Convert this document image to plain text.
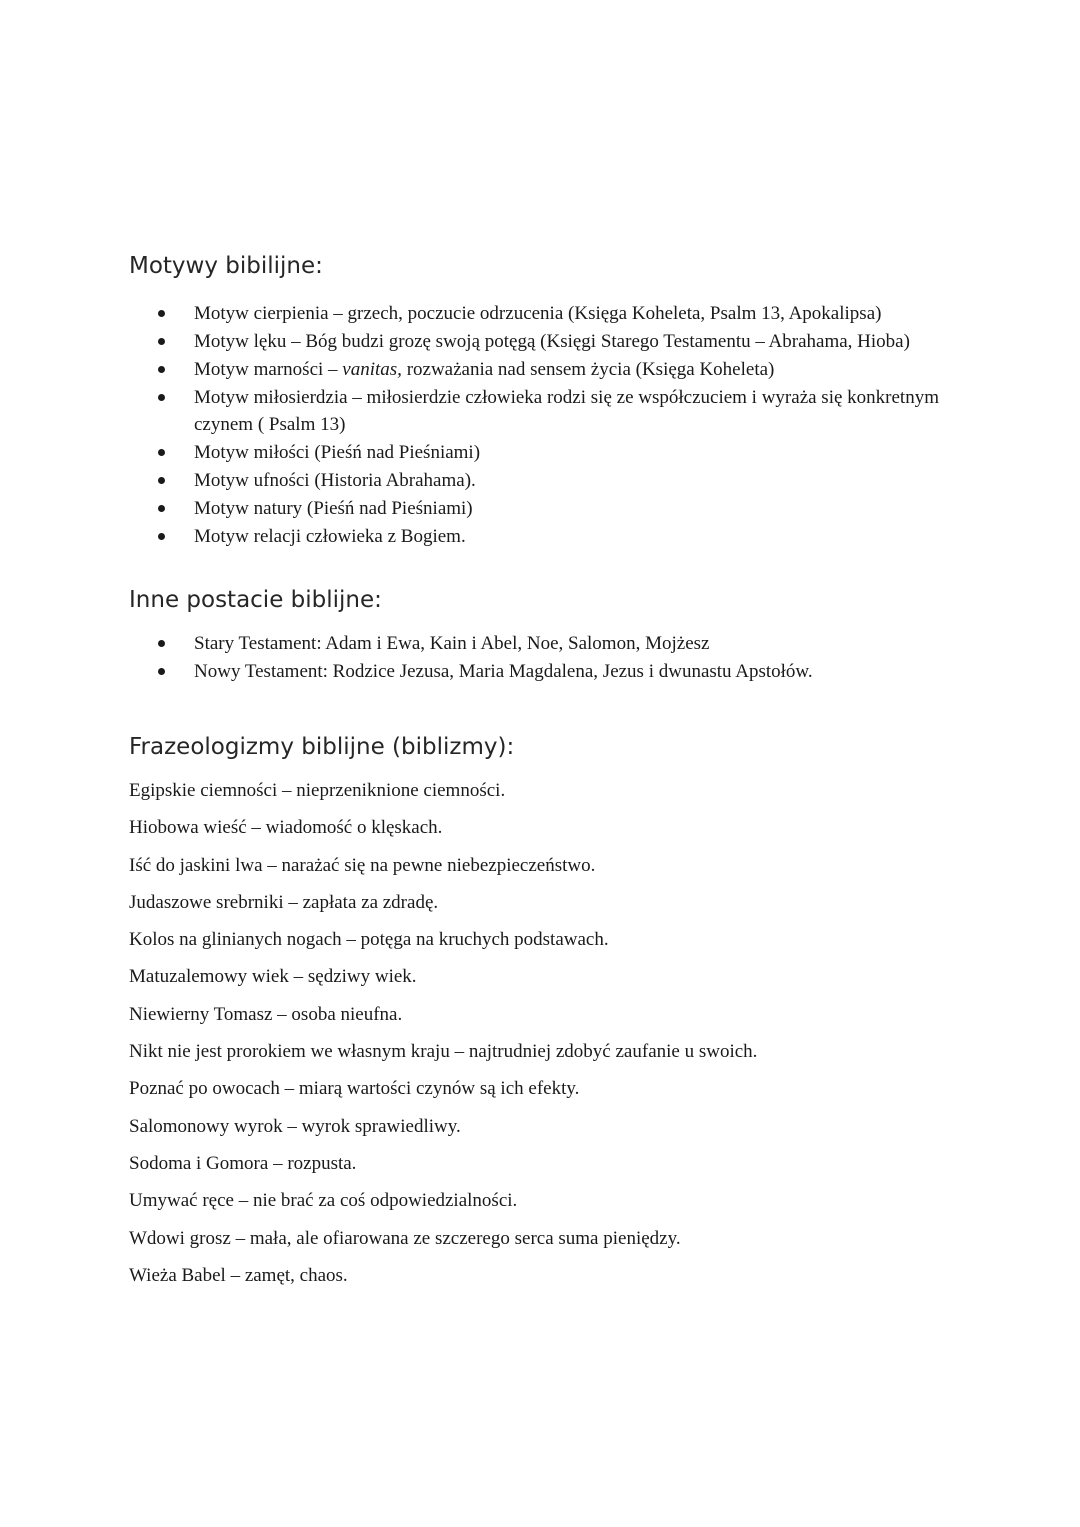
Motywy bibilijne:
Motyw cierpienia – grzech, poczucie odrzucenia (Księga Koheleta, Psalm 13, Apokalipsa)
Motyw lęku – Bóg budzi grozę swoją potęgą (Księgi Starego Testamentu – Abrahama, Hioba)
Motyw marności – vanitas, rozważania nad sensem życia (Księga Koheleta)
Motyw miłosierdzia – miłosierdzie człowieka rodzi się ze współczuciem i wyraża się konkretnym czynem ( Psalm 13)
Motyw miłości (Pieśń nad Pieśniami)
Motyw ufności (Historia Abrahama).
Motyw natury (Pieśń nad Pieśniami)
Motyw relacji człowieka z Bogiem.
Inne postacie biblijne:
Stary Testament: Adam i Ewa, Kain i Abel, Noe, Salomon, Mojżesz
Nowy Testament: Rodzice Jezusa, Maria Magdalena, Jezus i dwunastu Apstołów.
Frazeologizmy biblijne (biblizmy):
Egipskie ciemności – nieprzeniknione ciemności.
Hiobowa wieść – wiadomość o klęskach.
Iść do jaskini lwa – narażać się na pewne niebezpieczeństwo.
Judaszowe srebrniki – zapłata za zdradę.
Kolos na glinianych nogach – potęga na kruchych podstawach.
Matuzalemowy wiek – sędziwy wiek.
Niewierny Tomasz – osoba nieufna.
Nikt nie jest prorokiem we własnym kraju – najtrudniej zdobyć zaufanie u swoich.
Poznać po owocach – miarą wartości czynów są ich efekty.
Salomonowy wyrok – wyrok sprawiedliwy.
Sodoma i Gomora – rozpusta.
Umywać ręce – nie brać za coś odpowiedzialności.
Wdowi grosz – mała, ale ofiarowana ze szczerego serca suma pieniędzy.
Wieża Babel – zamęt, chaos.
